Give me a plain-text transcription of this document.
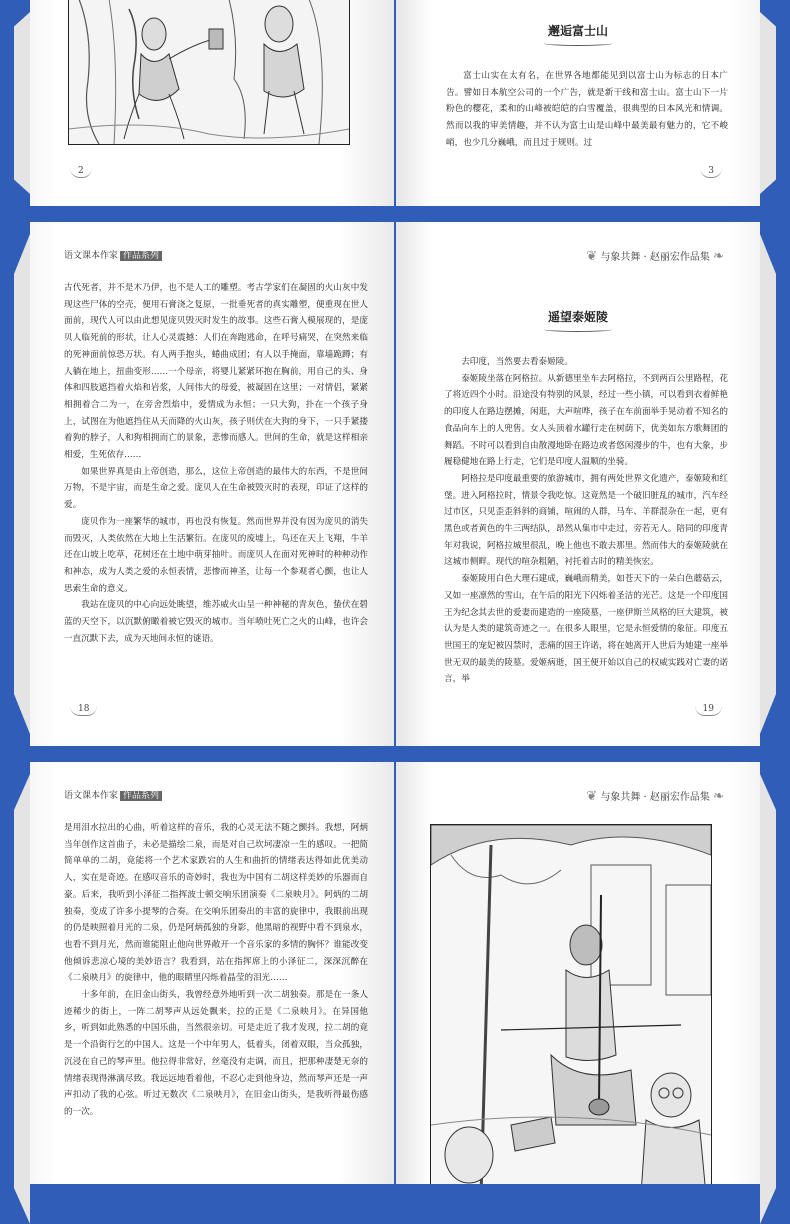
2
邂逅富士山

富士山实在太有名，在世界各地都能见到以富士山为标志的日本广告。譬如日本航空公司的一个广告，就是新干线和富士山。富士山下一片粉色的樱花，柔和的山峰被皑皑的白雪覆盖，很典型的日本风光和情调。然而以我的审美情趣，并不认为富士山是山峰中最美最有魅力的，它不峻峭，也少几分巍峨，而且过于规则。过

3
语文课本作家 作品系列

古代死者，并不是木乃伊，也不是人工的雕塑。考古学家们在凝固的火山灰中发现这些尸体的空壳，便用石膏浇之复原，一批垂死者的真实雕塑，便重现在世人面前，现代人可以由此想见庞贝毁灭时发生的故事。这些石膏人模展现的，是庞贝人临死前的形状，让人心灵震撼：人们在奔跑逃命，在呼号痛哭，在突然来临的死神面前惊恐万状。有人两手抱头，蜷曲成团；有人以手掩面，靠墙跪蹲；有人躺在地上，扭曲变形……一个母亲，将婴儿紧紧环抱在胸前，用自己的头、身体和四肢遮挡着火焰和岩浆，人间伟大的母爱，被凝固在这里；一对情侣，紧紧相拥着合二为一，在旁舍烈焰中，爱情成为永恒；一只大狗，扑在一个孩子身上，试图在为他遮挡住从天而降的火山灰，孩子则伏在大狗的身下，一只手紧搂着狗的脖子，人和狗相拥而亡的景象，悲惨而感人。世间的生命，就是这样相亲相爱，生死依存……

如果世界真是由上帝创造，那么，这位上帝创造的最伟大的东西，不是世间万物，不是宇宙，而是生命之爱。庞贝人在生命被毁灭时的表现，印证了这样的爱。

庞贝作为一座繁华的城市，再也没有恢复。然而世界并没有因为庞贝的消失而毁灭，人类依然在大地上生活繁衍。在庞贝的废墟上，鸟还在天上飞翔，牛羊还在山坡上吃草，花树还在土地中萌芽抽叶。而庞贝人在面对死神时的种种动作和神态，成为人类之爱的永恒表情，悲惨而神圣，让每一个参观者心颤，也让人思索生命的意义。

我站在庞贝的中心向远处眺望，维苏威火山呈一种神秘的青灰色，蛰伏在碧蓝的天空下，以沉默俯瞰着被它毁灭的城市。当年喷吐死亡之火的山峰，也许会一直沉默下去，成为天地间永恒的谜语。

18
❦ 与象共舞 · 赵丽宏作品集 ❧
遥望泰姬陵

去印度，当然要去看泰姬陵。

泰姬陵坐落在阿格拉。从新德里坐车去阿格拉，不到两百公里路程，花了将近四个小时。沿途没有特别的风景，经过一些小镇，可以看到衣着鲜艳的印度人在路边摆摊，闲逛，大声喧哗，孩子在车前面举手晃动着不知名的食品向车上的人兜售。女人头顶着水罐行走在树荫下，优美如东方歌舞团的舞蹈。不时可以看到自由散漫地卧在路边或者悠闲漫步的牛，也有大象，步履稳健地在路上行走，它们是印度人温顺的坐骑。

阿格拉是印度最重要的旅游城市，拥有两处世界文化遗产，泰姬陵和红堡。进入阿格拉时，情景令我吃惊。这竟然是一个破旧脏乱的城市，汽车经过市区，只见歪歪斜斜的商铺，喧闹的人群，马车、羊群混杂在一起，更有黑色或者黄色的牛三两结队，昂然从集市中走过，旁若无人。陪同的印度青年对我说，阿格拉城里很乱，晚上他也不敢去那里。然而伟大的泰姬陵就在这城市侧畔。现代的喧杂粗陋，衬托着古时的精美恢宏。

泰姬陵用白色大理石建成，巍峨而精美，如苍天下的一朵白色蘑菇云，又如一座凛然的雪山，在午后的阳光下闪烁着圣洁的光芒。这是一个印度国王为纪念其去世的爱妻而建造的一座陵墓，一座伊斯兰风格的巨大建筑，被认为是人类的建筑奇迹之一。在很多人眼里，它是永恒爱情的象征。印度五世国王的宠妃被囚禁时，悲痛的国王许诺，将在她离开人世后为她建一座举世无双的最美的陵墓。爱姬病逝，国王便开始以自己的权威实践对亡妻的诺言，举

19
语文课本作家 作品系列

是用泪水拉出的心曲，听着这样的音乐，我的心灵无法不随之颤抖。我想，阿炳当年创作这首曲子，未必是描绘二泉，而是对自己坎坷凄凉一生的感叹。一把简简单单的二胡，竟能将一个艺术家跌宕的人生和曲折的情绪表达得如此优美动人，实在是奇迹。在感叹音乐的奇妙时，我也为中国有二胡这样美妙的乐器而自豪。后来，我听到小泽征二指挥波士顿交响乐团演奏《二泉映月》。阿炳的二胡独奏，变成了许多小提琴的合奏。在交响乐团奏出的丰富的旋律中，我眼前出现的仍是映照着月光的二泉，仍是阿炳孤独的身影，他黑暗的视野中看不到泉水，也看不到月光，然而谁能阻止他向世界敞开一个音乐家的多情的胸怀？谁能改变他倾诉悲凉心境的美妙语言？我看到，站在指挥席上的小泽征二，深深沉醉在《二泉映月》的旋律中，他的眼睛里闪烁着晶莹的泪光……

十多年前，在旧金山街头，我曾经意外地听到一次二胡独奏。那是在一条人迹稀少的街上，一阵二胡琴声从远处飘来，拉的正是《二泉映月》。在异国他乡，听到如此熟悉的中国乐曲，当然很亲切。可是走近了我才发现，拉二胡的竟是一个沿街行乞的中国人。这是一个中年男人，低着头，闭着双眼，当众孤独，沉浸在自己的琴声里。他拉得非常好，丝毫没有走调，而且，把那种凄楚无奈的情绪表现得淋漓尽致。我远远地看着他，不忍心走到他身边，然而琴声还是一声声扣动了我的心弦。听过无数次《二泉映月》，在旧金山街头，是我听得最伤感的一次。

❦ 与象共舞 · 赵丽宏作品集 ❧
